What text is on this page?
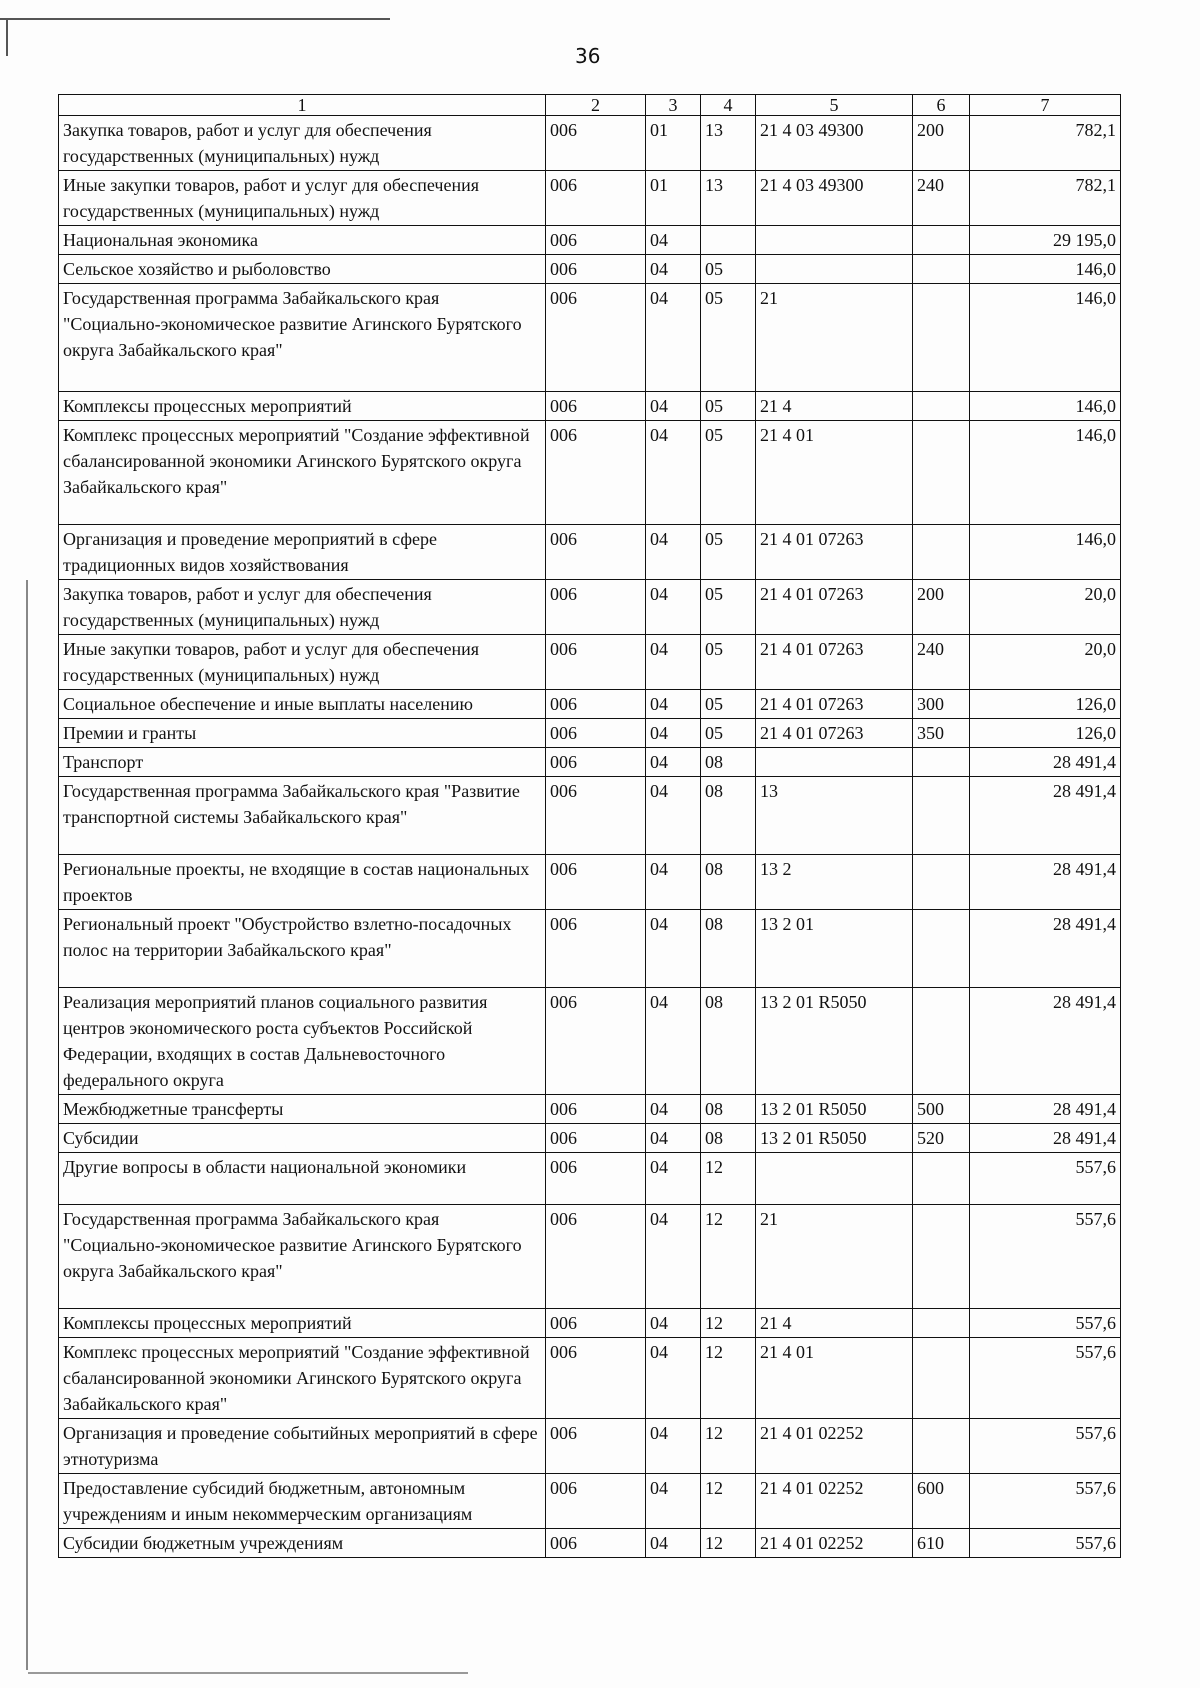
36
1	2	3	4	5	6	7
Закупка товаров, работ и услуг для обеспечения государственных (муниципальных) нужд	006	01	13	21 4 03 49300	200	782,1
Иные закупки товаров, работ и услуг для обеспечения государственных (муниципальных) нужд	006	01	13	21 4 03 49300	240	782,1
Национальная экономика	006	04				29 195,0
Сельское хозяйство и рыболовство	006	04	05			146,0
Государственная программа Забайкальского края "Социально-экономическое развитие Агинского Бурятского округа Забайкальского края"	006	04	05	21		146,0
Комплексы процессных мероприятий	006	04	05	21 4		146,0
Комплекс процессных мероприятий "Создание эффективной сбалансированной экономики Агинского Бурятского округа Забайкальского края"	006	04	05	21 4 01		146,0
Организация и проведение мероприятий в сфере традиционных видов хозяйствования	006	04	05	21 4 01 07263		146,0
Закупка товаров, работ и услуг для обеспечения государственных (муниципальных) нужд	006	04	05	21 4 01 07263	200	20,0
Иные закупки товаров, работ и услуг для обеспечения государственных (муниципальных) нужд	006	04	05	21 4 01 07263	240	20,0
Социальное обеспечение и иные выплаты населению	006	04	05	21 4 01 07263	300	126,0
Премии и гранты	006	04	05	21 4 01 07263	350	126,0
Транспорт	006	04	08			28 491,4
Государственная программа Забайкальского края "Развитие транспортной системы Забайкальского края"	006	04	08	13		28 491,4
Региональные проекты, не входящие в состав национальных проектов	006	04	08	13 2		28 491,4
Региональный проект "Обустройство взлетно-посадочных полос на территории Забайкальского края"	006	04	08	13 2 01		28 491,4
Реализация мероприятий планов социального развития центров экономического роста субъектов Российской Федерации, входящих в состав Дальневосточного федерального округа	006	04	08	13 2 01 R5050		28 491,4
Межбюджетные трансферты	006	04	08	13 2 01 R5050	500	28 491,4
Субсидии	006	04	08	13 2 01 R5050	520	28 491,4
Другие вопросы в области национальной экономики	006	04	12			557,6
Государственная программа Забайкальского края "Социально-экономическое развитие Агинского Бурятского округа Забайкальского края"	006	04	12	21		557,6
Комплексы процессных мероприятий	006	04	12	21 4		557,6
Комплекс процессных мероприятий "Создание эффективной сбалансированной экономики Агинского Бурятского округа Забайкальского края"	006	04	12	21 4 01		557,6
Организация и проведение событийных мероприятий в сфере этнотуризма	006	04	12	21 4 01 02252		557,6
Предоставление субсидий бюджетным, автономным учреждениям и иным некоммерческим организациям	006	04	12	21 4 01 02252	600	557,6
Субсидии бюджетным учреждениям	006	04	12	21 4 01 02252	610	557,6
